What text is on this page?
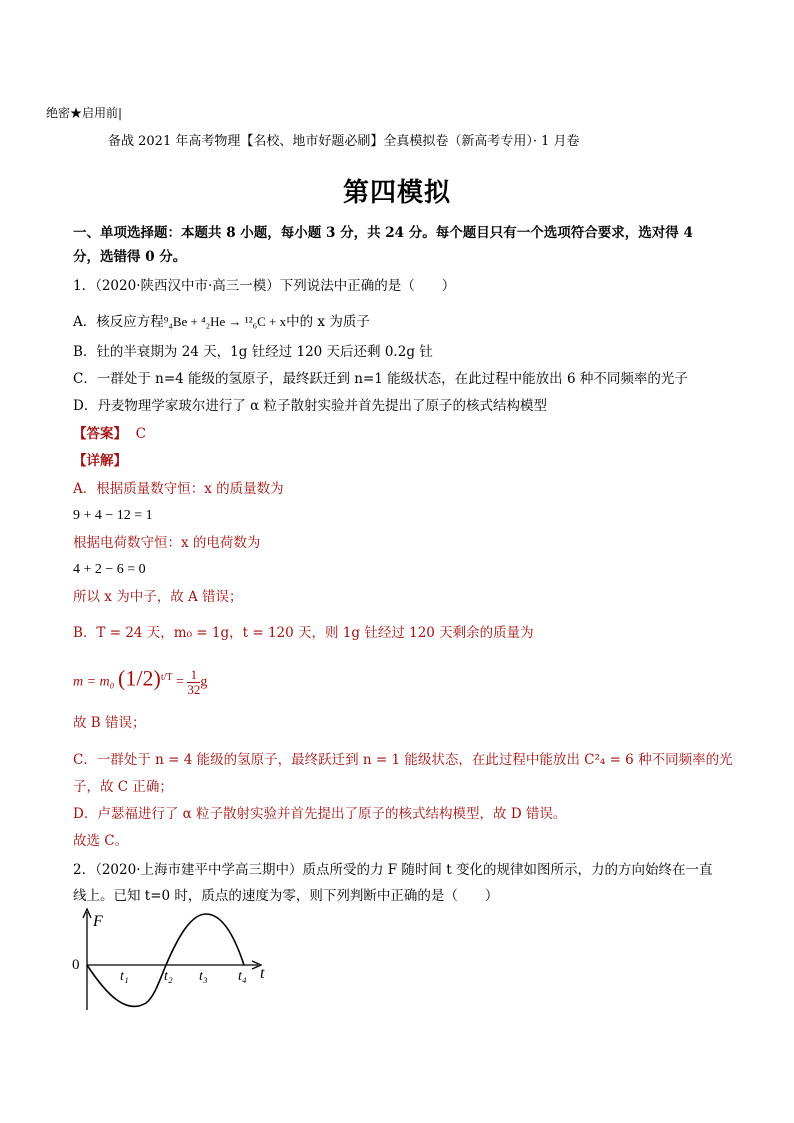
绝密★启用前|
备战 2021 年高考物理【名校、地市好题必刷】全真模拟卷（新高考专用）· 1 月卷
第四模拟
一、单项选择题：本题共 8 小题，每小题 3 分，共 24 分。每个题目只有一个选项符合要求，选对得 4
分，选错得 0 分。
1．（2020·陕西汉中市·高三一模）下列说法中正确的是（　　）
A．核反应方程⁹₄Be + ⁴₂He → ¹²₆C + x中的 x 为质子
B．钍的半衰期为 24 天，1g 钍经过 120 天后还剩 0.2g 钍
C．一群处于 n=4 能级的氢原子，最终跃迁到 n=1 能级状态，在此过程中能放出 6 种不同频率的光子
D．丹麦物理学家玻尔进行了 α 粒子散射实验并首先提出了原子的核式结构模型
【答案】 C
【详解】
A．根据质量数守恒：x 的质量数为
9 + 4 − 12 = 1
根据电荷数守恒：x 的电荷数为
4 + 2 − 6 = 0
所以 x 为中子，故 A 错误；
B．T = 24 天，m₀ = 1g，t = 120 天，则 1g 钍经过 120 天剩余的质量为
m = m₀ $(1/2)^{t/T} = \frac{1}{32}$ g
故 B 错误；
C．一群处于 n = 4 能级的氢原子，最终跃迁到 n = 1 能级状态，在此过程中能放出 C²₄ = 6 种不同频率的光
子，故 C 正确；
D．卢瑟福进行了 α 粒子散射实验并首先提出了原子的核式结构模型，故 D 错误。
故选 C。
2．（2020·上海市建平中学高三期中）质点所受的力 F 随时间 t 变化的规律如图所示，力的方向始终在一直
线上。已知 t=0 时，质点的速度为零，则下列判断中正确的是（　　）
F
0	t
t₁	t₂ t₃ t₄
